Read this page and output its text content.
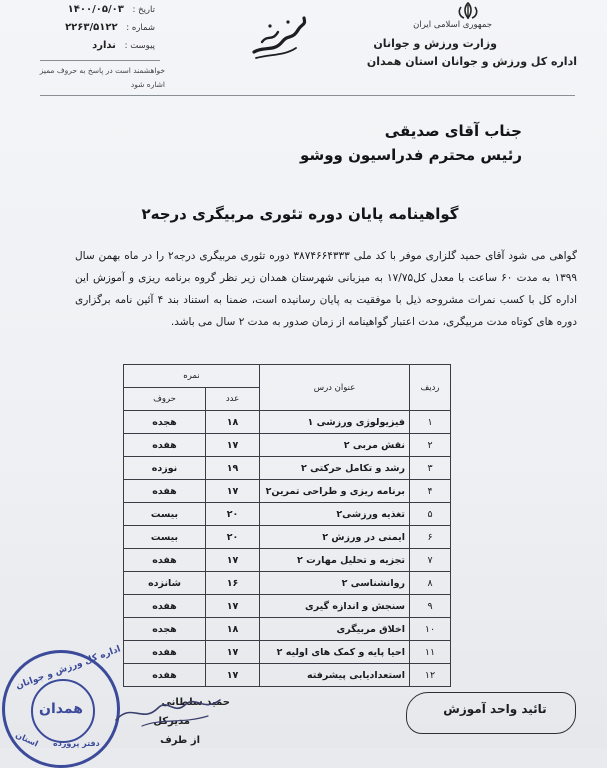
جمهوری اسلامی ایران
وزارت ورزش و جوانان
اداره کل ورزش و جوانان استان همدان
تاریخ : ۱۴۰۰/۰۵/۰۳
شماره : ۲۲۶۳/۵۱۲۲
پیوست : ندارد
خواهشمند است در پاسخ به حروف ممیز
اشاره شود
جناب آقای صدیقی
رئیس محترم فدراسیون ووشو
گواهینامه پایان دوره تئوری مربیگری درجه۲
گواهی می شود آقای حمید گلزاری موفر با کد ملی ۳۸۷۴۶۶۴۳۳۳ دوره تئوری مربیگری درجه۲ را در ماه بهمن سال ۱۳۹۹ به مدت ۶۰ ساعت با معدل کل۱۷/۷۵ به میزبانی شهرستان همدان زیر نظر گروه برنامه ریزی و آموزش این اداره کل با کسب نمرات مشروحه ذیل با موفقیت به پایان رسانیده است، ضمنا به استناد بند ۴ آئین نامه برگزاری دوره های کوتاه مدت مربیگری، مدت اعتبار گواهینامه از زمان صدور به مدت ۲ سال می باشد.
ردیف	عنوان درس	نمره	
		عدد	حروف
۱	فیزیولوژی ورزشی ۱	۱۸	هجده
۲	نقش مربی ۲	۱۷	هفده
۳	رشد و تکامل حرکتی ۲	۱۹	نوزده
۴	برنامه ریزی و طراحی تمرین۲	۱۷	هفده
۵	تغذیه ورزشی۲	۲۰	بیست
۶	ایمنی در ورزش ۲	۲۰	بیست
۷	تجزیه و تحلیل مهارت ۲	۱۷	هفده
۸	روانشناسی ۲	۱۶	شانزده
۹	سنجش و اندازه گیری	۱۷	هفده
۱۰	اخلاق مربیگری	۱۸	هجده
۱۱	احیا پایه و کمک های اولیه ۲	۱۷	هفده
۱۲	استعدادیابی پیشرفته	۱۷	هفده
تائید واحد آموزش
حمید سلطانی
مدیرکل
از طرف
اداره کل ورزش و جوانان
همدان
استان دفتر پرورده
